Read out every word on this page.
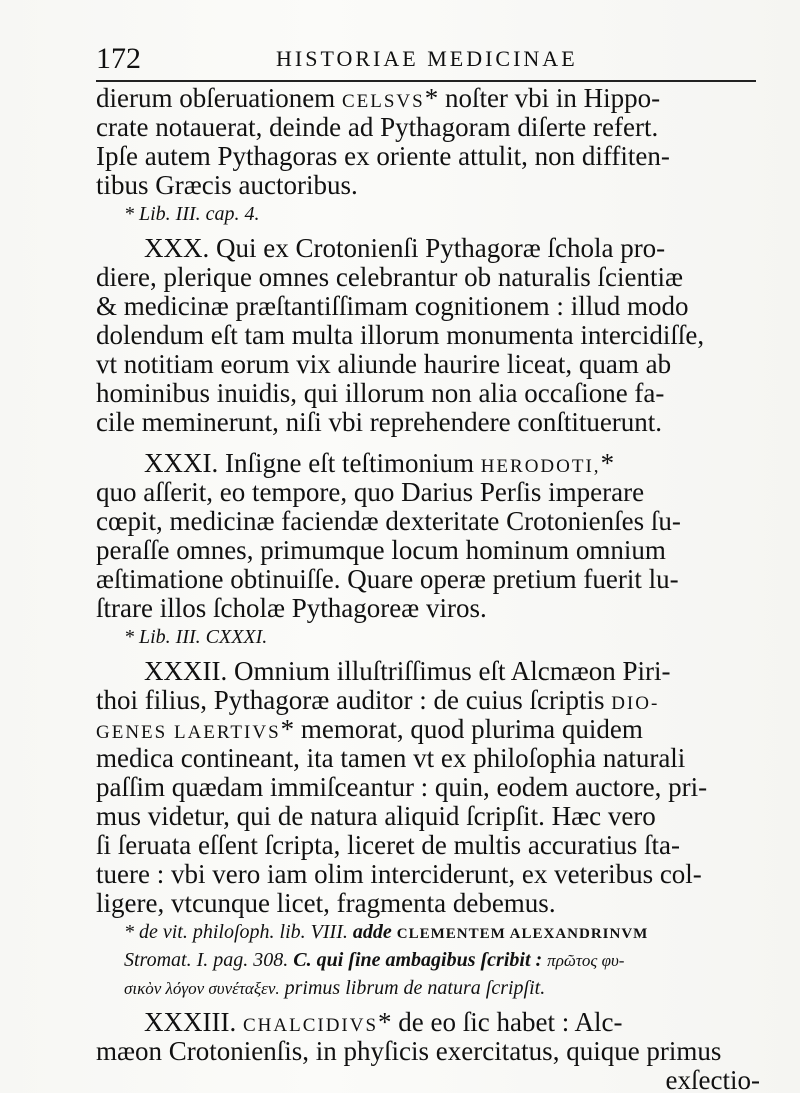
172	HISTORIAE MEDICINAE
dierum obſeruationem CELSVS* noſter vbi in Hippo-
crate notauerat, deinde ad Pythagoram diſerte refert.
Ipſe autem Pythagoras ex oriente attulit, non diffiten-
tibus Græcis auctoribus.
* Lib. III. cap. 4.
XXX. Qui ex Crotonienſi Pythagoræ ſchola pro-
diere, plerique omnes celebrantur ob naturalis ſcientiæ
& medicinæ præſtantiſſimam cognitionem : illud modo
dolendum eſt tam multa illorum monumenta intercidiſſe,
vt notitiam eorum vix aliunde haurire liceat, quam ab
hominibus inuidis, qui illorum non alia occaſione fa-
cile meminerunt, niſi vbi reprehendere conſtituerunt.
XXXI. Inſigne eſt teſtimonium HERODOTI,*
quo aſſerit, eo tempore, quo Darius Perſis imperare
cœpit, medicinæ faciendæ dexteritate Crotonienſes ſu-
peraſſe omnes, primumque locum hominum omnium
æſtimatione obtinuiſſe. Quare operæ pretium fuerit lu-
ſtrare illos ſcholæ Pythagoreæ viros.
* Lib. III. CXXXI.
XXXII. Omnium illuſtriſſimus eſt Alcmæon Piri-
thoi filius, Pythagoræ auditor : de cuius ſcriptis DIO-
GENES LAERTIVS* memorat, quod plurima quidem
medica contineant, ita tamen vt ex philoſophia naturali
paſſim quædam immiſceantur : quin, eodem auctore, pri-
mus videtur, qui de natura aliquid ſcripſit. Hæc vero
ſi ſeruata eſſent ſcripta, liceret de multis accuratius ſta-
tuere : vbi vero iam olim interciderunt, ex veteribus col-
ligere, vtcunque licet, fragmenta debemus.
* de vit. philoſoph. lib. VIII. adde CLEMENTEM ALEXANDRINVM
Stromat. I. pag. 308. C. qui ſine ambagibus ſcribit : πρῶτος φυ-
σικὸν λόγον συνέταξεν. primus librum de natura ſcripſit.
XXXIII. CHALCIDIVS* de eo ſic habet : Alc-
mæon Crotonienſis, in phyſicis exercitatus, quique primus
exſectio-
